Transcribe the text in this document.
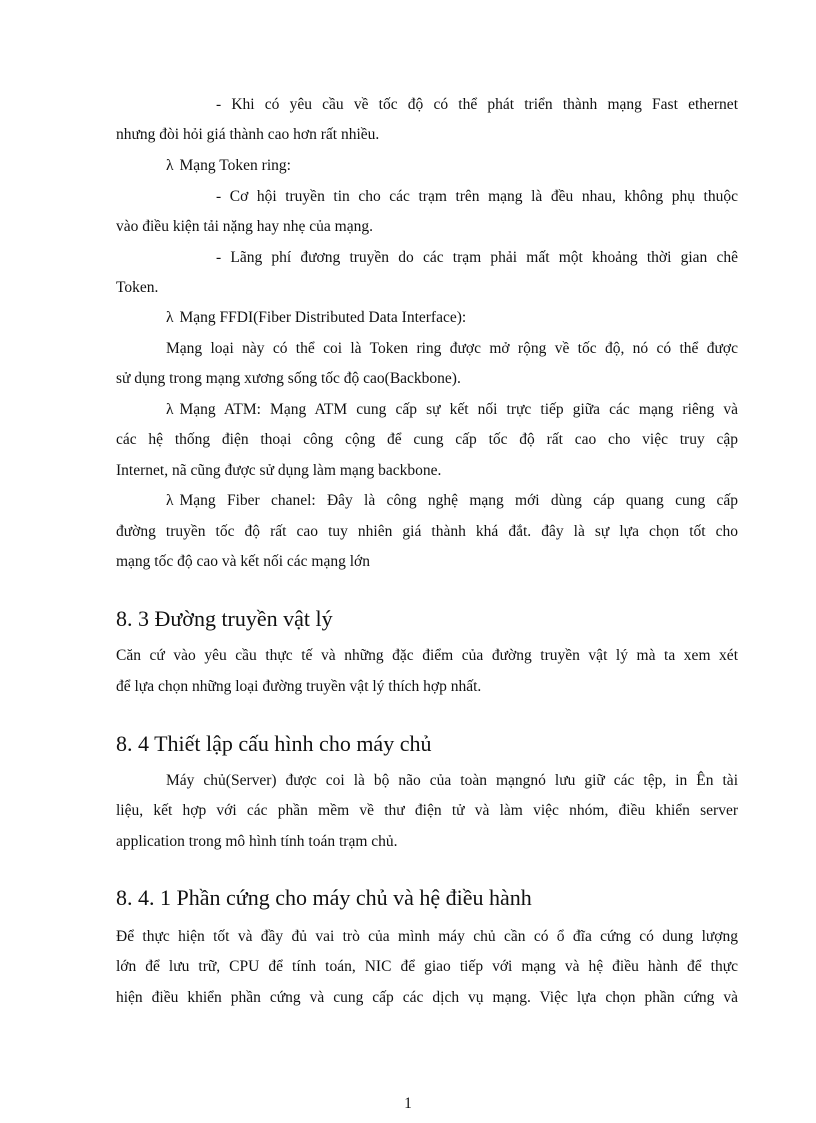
- Khi có yêu cầu về tốc độ có thể phát triển thành mạng Fast ethernet
nhưng đòi hỏi giá thành cao hơn rất nhiều.
λ Mạng Token ring:
- Cơ hội truyền tin cho các trạm trên mạng là đều nhau, không phụ thuộc
vào điều kiện tải nặng hay nhẹ của mạng.
- Lãng phí đương truyền do các trạm phải mất một khoảng thời gian chê
Token.
λ Mạng FFDI(Fiber Distributed Data Interface):
Mạng loại này có thể coi là Token ring được mở rộng về tốc độ, nó có thể được
sử dụng trong mạng xương sống tốc độ cao(Backbone).
λ Mạng ATM: Mạng ATM cung cấp sự kết nối trực tiếp giữa các mạng riêng và
các hệ thống điện thoại công cộng để cung cấp tốc độ rất cao cho việc truy cập
Internet, nã cũng được sử dụng làm mạng backbone.
λ Mạng Fiber chanel: Đây là công nghệ mạng mới dùng cáp quang cung cấp
đường truyền tốc độ rất cao tuy nhiên giá thành khá đắt. đây là sự lựa chọn tốt cho
mạng tốc độ cao và kết nối các mạng lớn
8. 3 Đường truyền vật lý
Căn cứ vào yêu cầu thực tế và những đặc điểm của đường truyền vật lý mà ta xem xét
để lựa chọn những loại đường truyền vật lý thích hợp nhất.
8. 4 Thiết lập cấu hình cho máy chủ
Máy chủ(Server) được coi là bộ não của toàn mạngnó lưu giữ các tệp, in Ên tài
liệu, kết hợp với các phần mềm về thư điện tử và làm việc nhóm, điều khiển server
application trong mô hình tính toán trạm chủ.
8. 4. 1 Phần cứng cho máy chủ và hệ điều hành
Để thực hiện tốt và đầy đủ vai trò của mình máy chủ cần có ổ đĩa cứng có dung lượng
lớn để lưu trữ, CPU để tính toán, NIC để giao tiếp với mạng và hệ điều hành để thực
hiện điều khiển phần cứng và cung cấp các dịch vụ mạng. Việc lựa chọn phần cứng và
1
